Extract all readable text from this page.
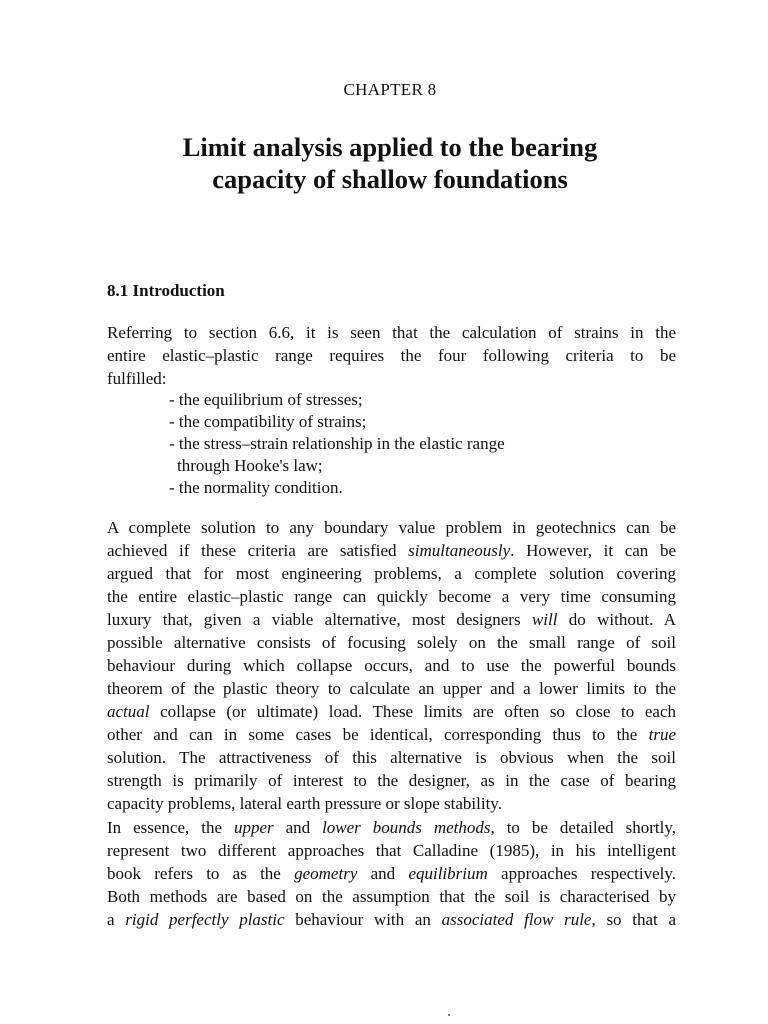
CHAPTER 8
Limit analysis applied to the bearing
capacity of shallow foundations
8.1 Introduction

Referring to section 6.6, it is seen that the calculation of strains in the
entire elastic–plastic range requires the four following criteria to be
fulfilled:

- the equilibrium of stresses;
- the compatibility of strains;
- the stress–strain relationship in the elastic range
through Hooke's law;
- the normality condition.

A complete solution to any boundary value problem in geotechnics can be
achieved if these criteria are satisfied simultaneously. However, it can be
argued that for most engineering problems, a complete solution covering
the entire elastic–plastic range can quickly become a very time consuming
luxury that, given a viable alternative, most designers will do without. A
possible alternative consists of focusing solely on the small range of soil
behaviour during which collapse occurs, and to use the powerful bounds
theorem of the plastic theory to calculate an upper and a lower limits to the
actual collapse (or ultimate) load. These limits are often so close to each
other and can in some cases be identical, corresponding thus to the true
solution. The attractiveness of this alternative is obvious when the soil
strength is primarily of interest to the designer, as in the case of bearing
capacity problems, lateral earth pressure or slope stability.

In essence, the upper and lower bounds methods, to be detailed shortly,
represent two different approaches that Calladine (1985), in his intelligent
book refers to as the geometry and equilibrium approaches respectively.
Both methods are based on the assumption that the soil is characterised by
a rigid perfectly plastic behaviour with an associated flow rule, so that a
